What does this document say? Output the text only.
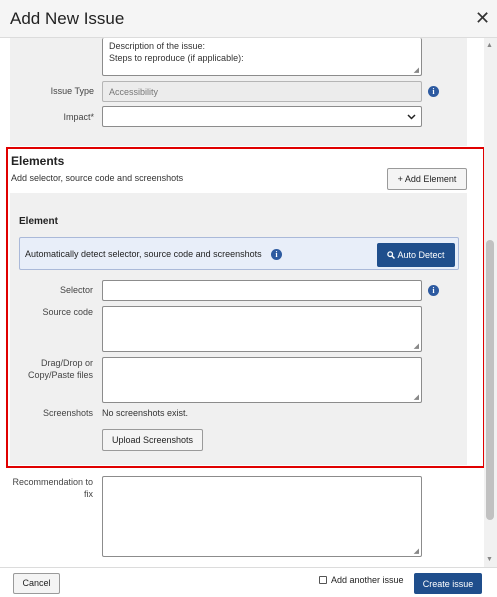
Add New Issue	✕
Description of the issue:
Steps to reproduce (if applicable):
◢
Issue Type Accessibility	i
Impact*
Elements
Add selector, source code and screenshots	+ Add Element
Element
Automatically detect selector, source code and screenshots	i	Auto Detect
Selector	i
Source code
◢
Drag/Drop or
Copy/Paste files
◢
Screenshots No screenshots exist.
Upload Screenshots
Recommendation to
fix
◢
▲
▼
Cancel	Add another issue	Create issue
